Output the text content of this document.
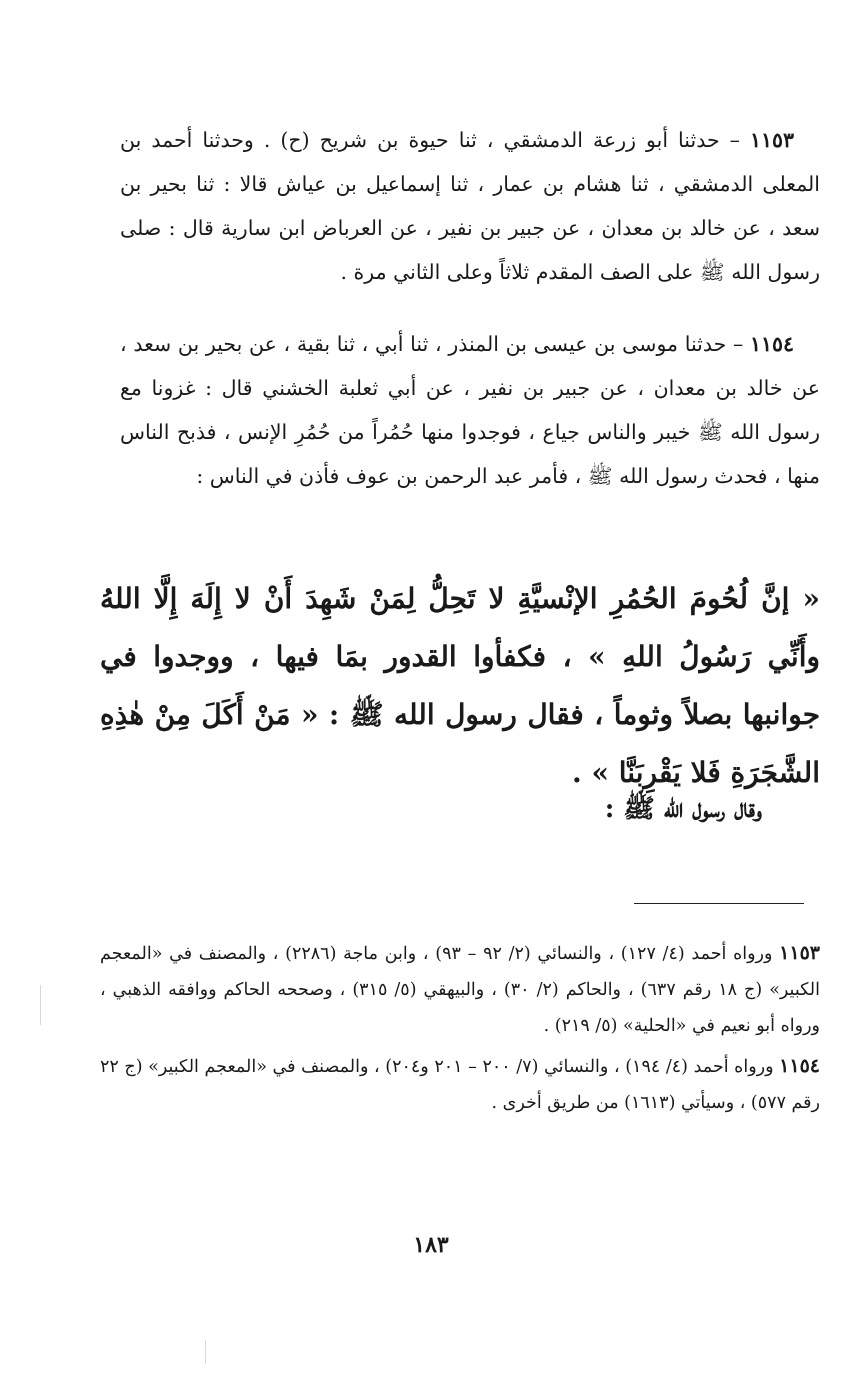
١١٥٣ – حدثنا أبو زرعة الدمشقي ، ثنا حيوة بن شريح (ح) . وحدثنا أحمد بن المعلى الدمشقي ، ثنا هشام بن عمار ، ثنا إسماعيل بن عياش قالا : ثنا بحير بن سعد ، عن خالد بن معدان ، عن جبير بن نفير ، عن العرباض ابن سارية قال : صلى رسول الله ﷺ على الصف المقدم ثلاثاً وعلى الثاني مرة .

١١٥٤ – حدثنا موسى بن عيسى بن المنذر ، ثنا أبي ، ثنا بقية ، عن بحير بن سعد ، عن خالد بن معدان ، عن جبير بن نفير ، عن أبي ثعلبة الخشني قال : غزونا مع رسول الله ﷺ خيبر والناس جياع ، فوجدوا منها حُمُراً من حُمُرِ الإنس ، فذبح الناس منها ، فحدث رسول الله ﷺ ، فأمر عبد الرحمن بن عوف فأذن في الناس :

« إنَّ لُحُومَ الحُمُرِ الإنْسيَّةِ لا تَحِلُّ لِمَنْ شَهِدَ أَنْ لا إِلَهَ إِلَّا اللهُ وأَنِّي رَسُولُ اللهِ » ، فكفأوا القدور بمَا فيها ، ووجدوا في جوانبها بصلاً وثوماً ، فقال رسول الله ﷺ : « مَنْ أَكَلَ مِنْ هٰذِهِ الشَّجَرَةِ فَلا يَقْرِبَنَّا » .
وقال رسول الله ﷺ :

١١٥٣ ورواه أحمد (٤/ ١٢٧) ، والنسائي (٢/ ٩٢ – ٩٣) ، وابن ماجة (٢٢٨٦) ، والمصنف في «المعجم الكبير» (ج ١٨ رقم ٦٣٧) ، والحاكم (٢/ ٣٠) ، والبيهقي (٥/ ٣١٥) ، وصححه الحاكم ووافقه الذهبي ، ورواه أبو نعيم في «الحلية» (٥/ ٢١٩) .

١١٥٤ ورواه أحمد (٤/ ١٩٤) ، والنسائي (٧/ ٢٠٠ – ٢٠١ و٢٠٤) ، والمصنف في «المعجم الكبير» (ج ٢٢ رقم ٥٧٧) ، وسيأتي (١٦١٣) من طريق أخرى .

١٨٣
